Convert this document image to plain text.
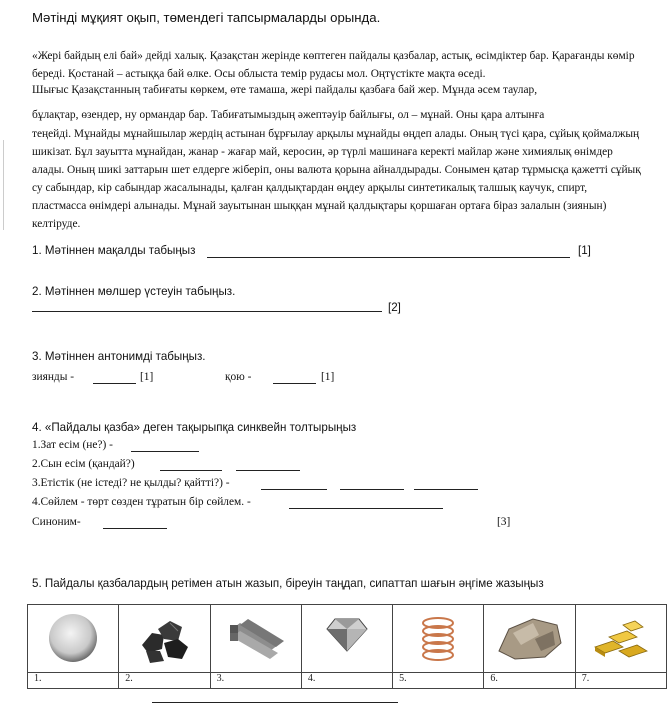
Мәтінді мұқият оқып, төмендегі тапсырмаларды орында.

«Жері байдың елі бай» дейді халық. Қазақстан жерінде көптеген пайдалы қазбалар, астық, өсімдіктер бар. Қарағанды көмір береді. Қостанай – астыққа бай өлке. Осы облыста темір рудасы мол. Оңтүстікте мақта өседі.

Шығыс Қазақстанның табиғаты көркем, өте тамаша, жері пайдалы қазбаға бай жер. Мұнда әсем таулар,

бұлақтар, өзендер, ну ормандар бар. Табиғатымыздың әжептәуір байлығы, ол – мұнай. Оны қара алтынға

теңейді. Мұнайды мұнайшылар жердің астынан бұрғылау арқылы мұнайды өңдеп алады. Оның түсі қара, сұйық қоймалжың шикізат. Бұл зауытта мұнайдан, жанар - жағар май, керосин, әр түрлі машинаға керекті майлар және химиялық өнімдер алады. Оның шикі заттарын шет елдерге жіберіп, оны валюта қорына айналдырады. Сонымен қатар тұрмысқа қажетті сұйық су сабындар, кір сабындар жасалынады, қалған қалдықтардан өңдеу арқылы синтетикалық талшық каучук, спирт, пластмасса өнімдері алынады. Мұнай зауытынан шыққан мұнай қалдықтары қоршаған ортаға біраз залалын (зиянын) келтіруде.

1. Мәтіннен мақалды табыңыз	[1]
2. Мәтіннен мөлшер үстеуін табыңыз.
[2]
3. Мәтіннен антонимді табыңыз.
зиянды -	[1]	қою -	[1]
4. «Пайдалы қазба» деген тақырыпқа синквейн толтырыңыз
1.Зат есім (не?) -
2.Сын есім (қандай?)
3.Етістік (не істеді? не қылды? қайтті?) -
4.Сөйлем - төрт сөзден тұратын бір сөйлем. -
Синоним-	[3]
5. Пайдалы қазбалардың ретімен атын жазып, біреуін таңдап, сипаттап шағын әңгіме жазыңыз

1.	2.	3.	4.	5.	6.	7.
